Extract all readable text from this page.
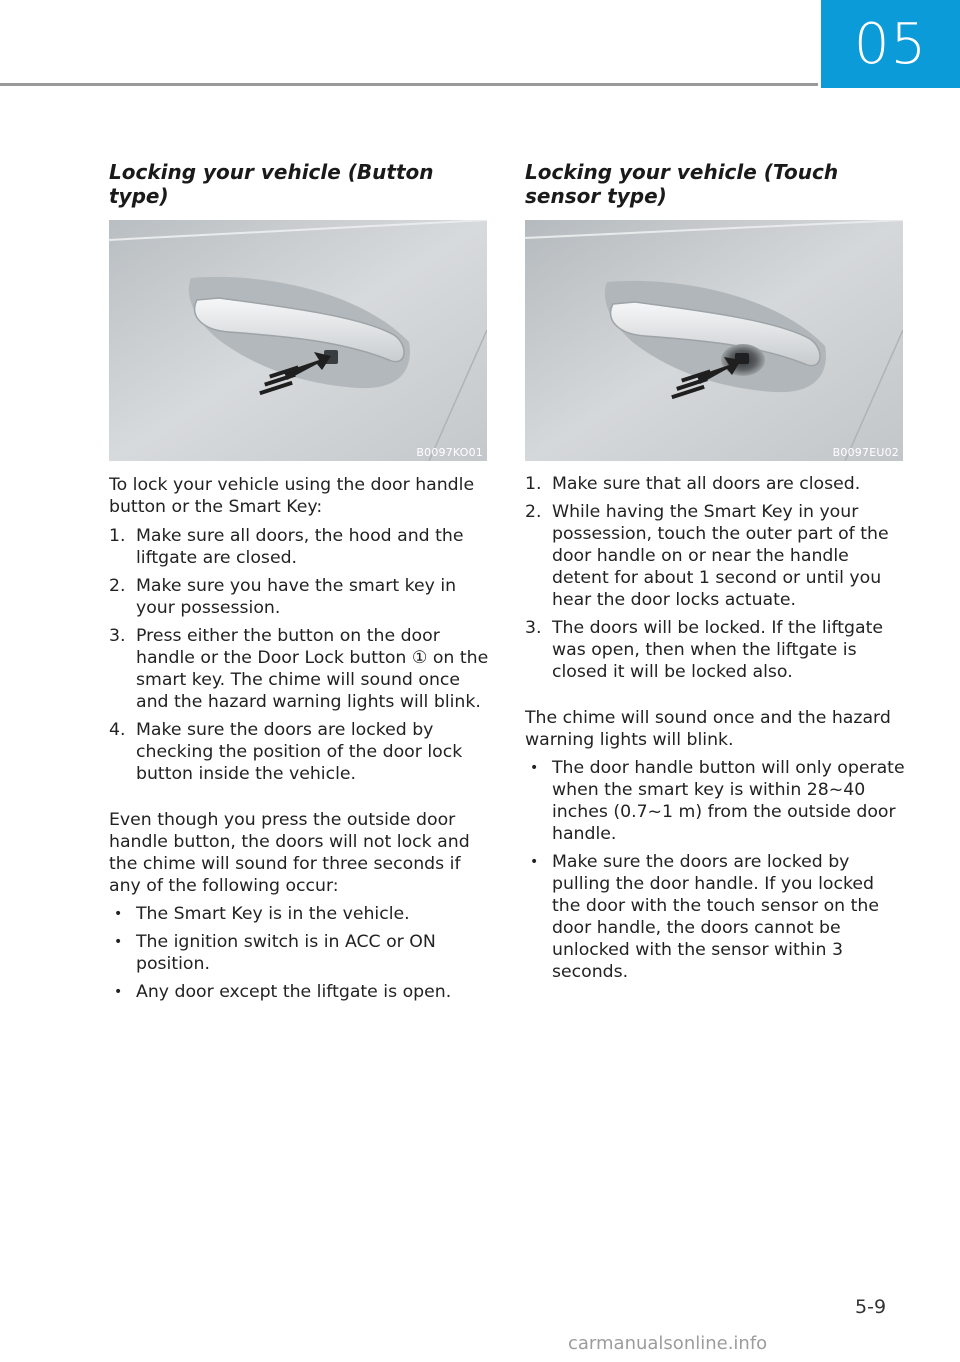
05
Locking your vehicle (Button type)
B0097KO01

To lock your vehicle using the door handle button or the Smart Key:

1. Make sure all doors, the hood and the liftgate are closed.
2. Make sure you have the smart key in your possession.
3. Press either the button on the door handle or the Door Lock button ① on the smart key. The chime will sound once and the hazard warning lights will blink.
4. Make sure the doors are locked by checking the position of the door lock button inside the vehicle.

Even though you press the outside door handle button, the doors will not lock and the chime will sound for three seconds if any of the following occur:

• The Smart Key is in the vehicle.
• The ignition switch is in ACC or ON position.
• Any door except the liftgate is open.
Locking your vehicle (Touch sensor type)
B0097EU02
1. Make sure that all doors are closed.
2. While having the Smart Key in your possession, touch the outer part of the door handle on or near the handle detent for about 1 second or until you hear the door locks actuate.
3. The doors will be locked. If the liftgate was open, then when the liftgate is closed it will be locked also.

The chime will sound once and the hazard warning lights will blink.

• The door handle button will only operate when the smart key is within 28~40 inches (0.7~1 m) from the outside door handle.
• Make sure the doors are locked by pulling the door handle. If you locked the door with the touch sensor on the door handle, the doors cannot be unlocked with the sensor within 3 seconds.
5-9
carmanualsonline.info
